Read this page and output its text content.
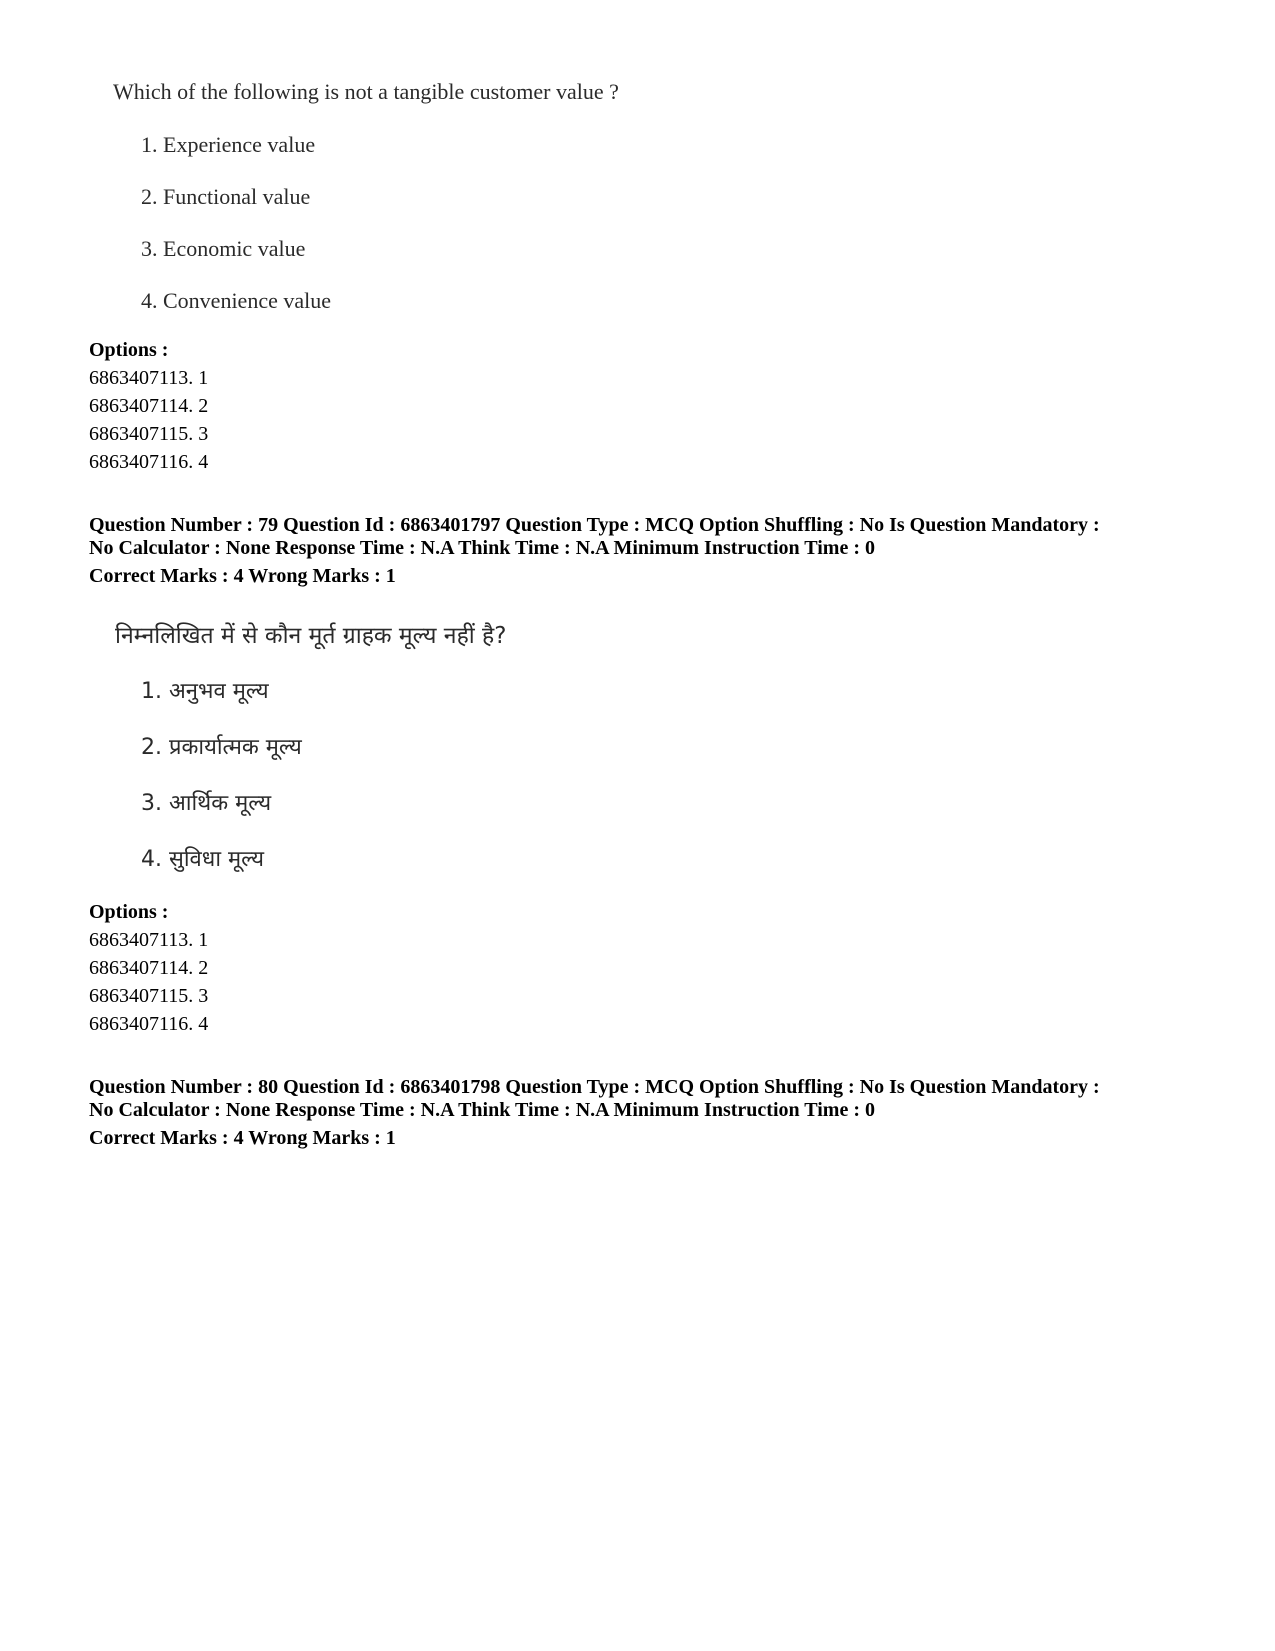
Which of the following is not a tangible customer value ?
1. Experience value
2. Functional value
3. Economic value
4. Convenience value
Options :
6863407113. 1
6863407114. 2
6863407115. 3
6863407116. 4
Question Number : 79 Question Id : 6863401797 Question Type : MCQ Option Shuffling : No Is Question Mandatory :
No Calculator : None Response Time : N.A Think Time : N.A Minimum Instruction Time : 0
Correct Marks : 4 Wrong Marks : 1
निम्नलिखित में से कौन मूर्त ग्राहक मूल्य नहीं है?
1. अनुभव मूल्य
2. प्रकार्यात्मक मूल्य
3. आर्थिक मूल्य
4. सुविधा मूल्य
Options :
6863407113. 1
6863407114. 2
6863407115. 3
6863407116. 4
Question Number : 80 Question Id : 6863401798 Question Type : MCQ Option Shuffling : No Is Question Mandatory :
No Calculator : None Response Time : N.A Think Time : N.A Minimum Instruction Time : 0
Correct Marks : 4 Wrong Marks : 1
